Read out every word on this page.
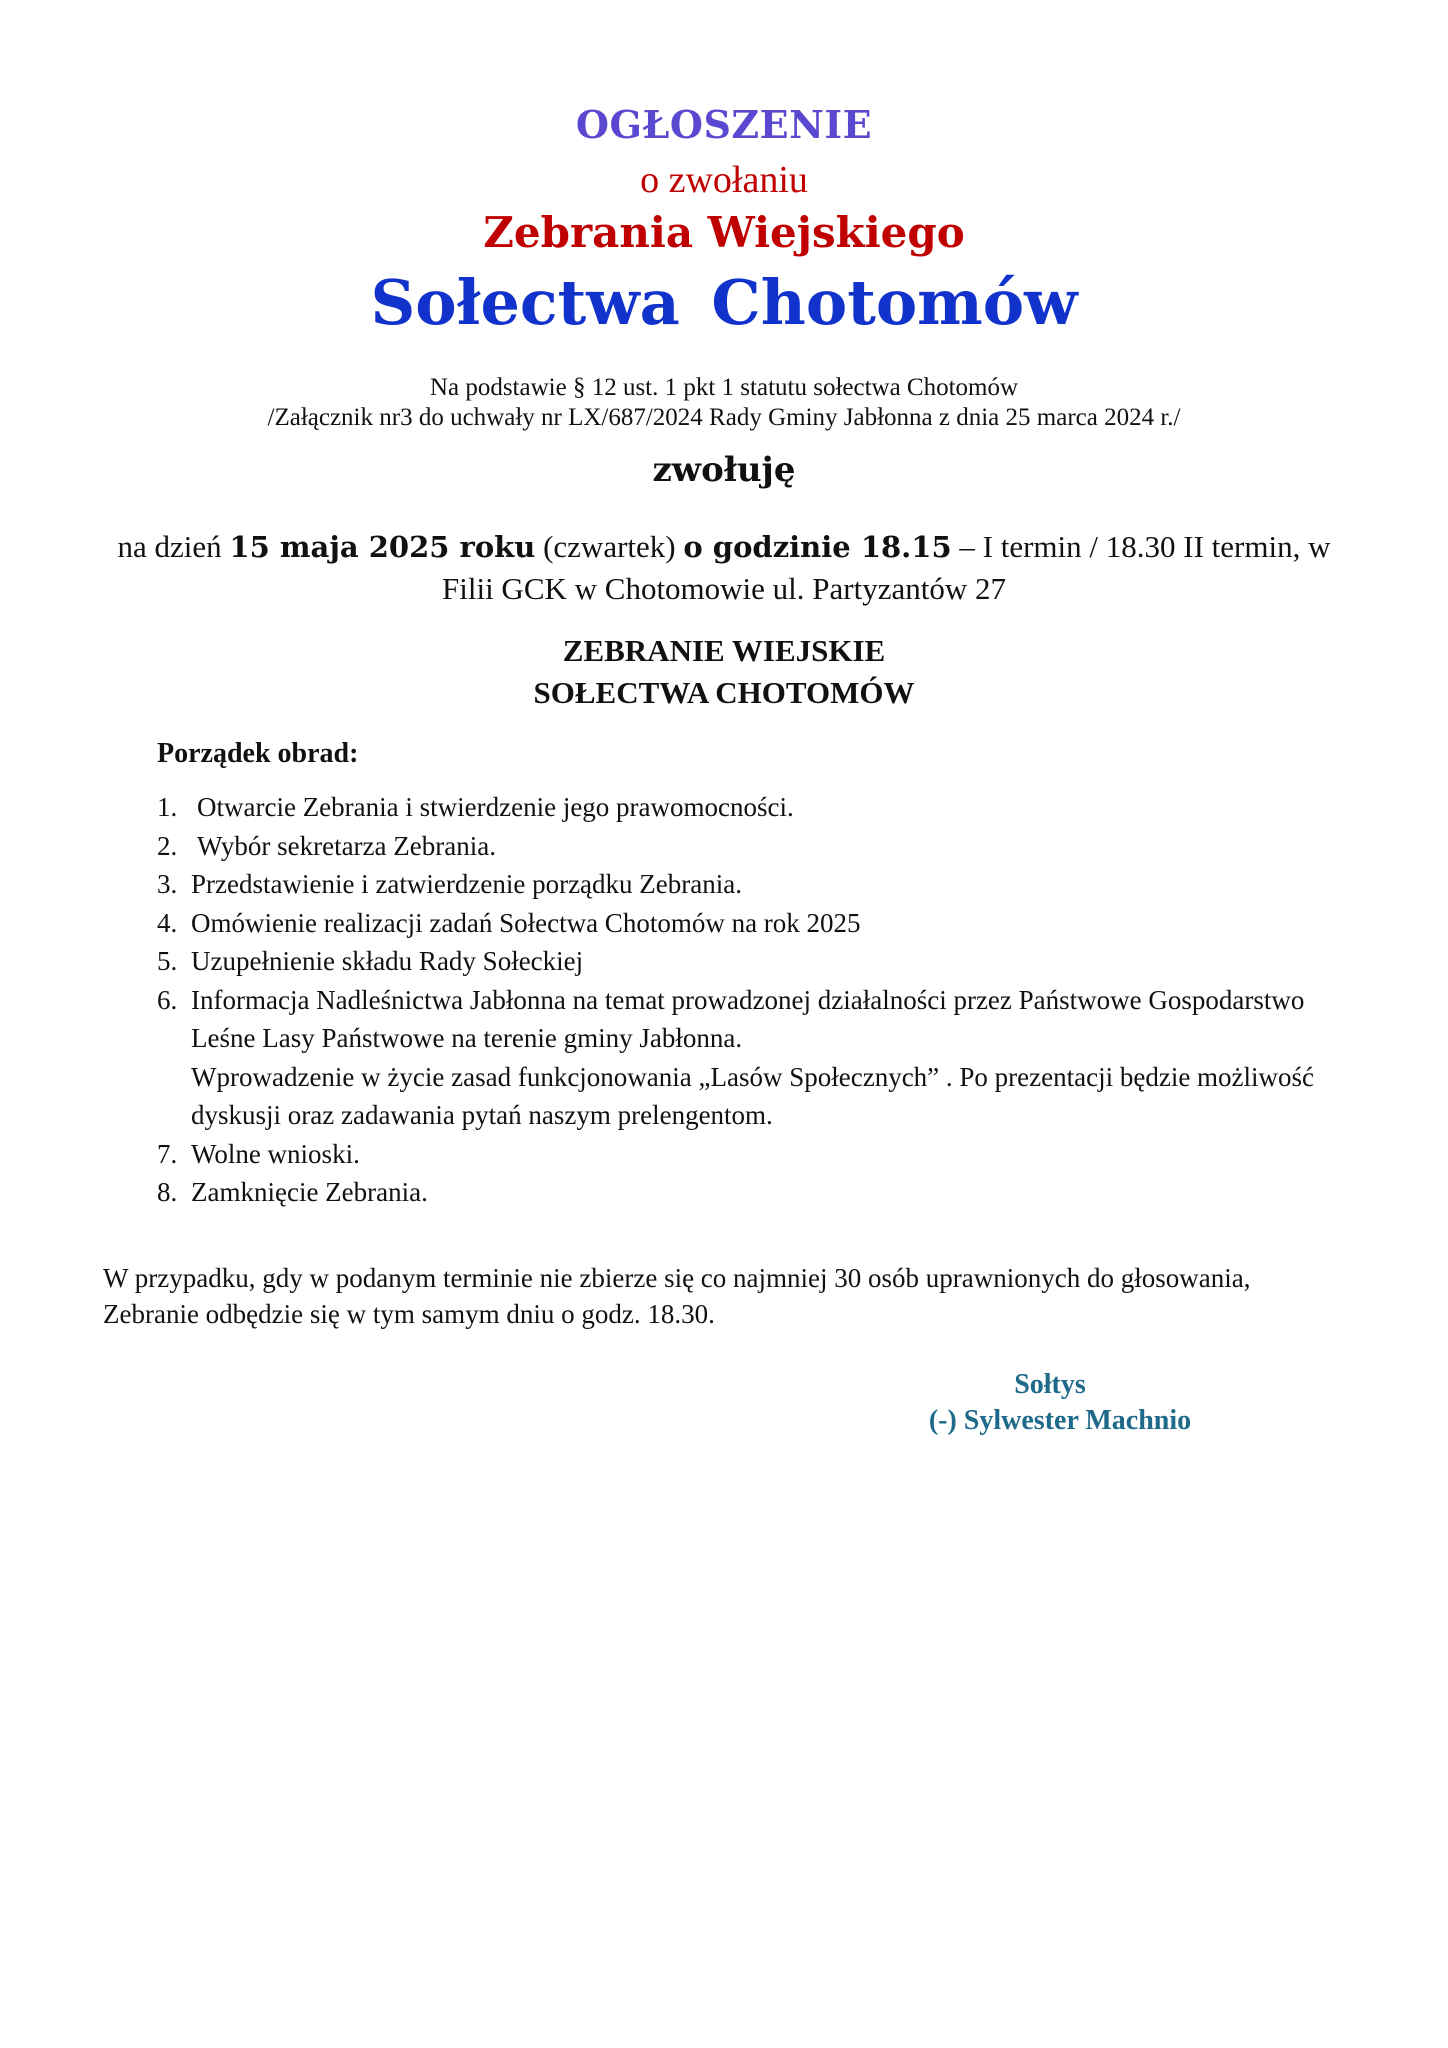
OGŁOSZENIE
o zwołaniu
Zebrania Wiejskiego
Sołectwa Chotomów
Na podstawie § 12 ust. 1 pkt 1 statutu sołectwa Chotomów
/Załącznik nr3 do uchwały nr LX/687/2024 Rady Gminy Jabłonna z dnia 25 marca 2024 r./
zwołuję
na dzień 15 maja 2025 roku (czwartek) o godzinie 18.15 – I termin / 18.30 II termin, w Filii GCK w Chotomowie ul. Partyzantów 27
ZEBRANIE WIEJSKIE
SOŁECTWA CHOTOMÓW
Porządek obrad:
1. Otwarcie Zebrania i stwierdzenie jego prawomocności.
2. Wybór sekretarza Zebrania.
3. Przedstawienie i zatwierdzenie porządku Zebrania.
4. Omówienie realizacji zadań Sołectwa Chotomów na rok 2025
5. Uzupełnienie składu Rady Sołeckiej
6. Informacja Nadleśnictwa Jabłonna na temat prowadzonej działalności przez Państwowe Gospodarstwo Leśne Lasy Państwowe na terenie gminy Jabłonna.
Wprowadzenie w życie zasad funkcjonowania „Lasów Społecznych” . Po prezentacji będzie możliwość dyskusji oraz zadawania pytań naszym prelengentom.
7. Wolne wnioski.
8. Zamknięcie Zebrania.
W przypadku, gdy w podanym terminie nie zbierze się co najmniej 30 osób uprawnionych do głosowania, Zebranie odbędzie się w tym samym dniu o godz. 18.30.
Sołtys
(-) Sylwester Machnio
